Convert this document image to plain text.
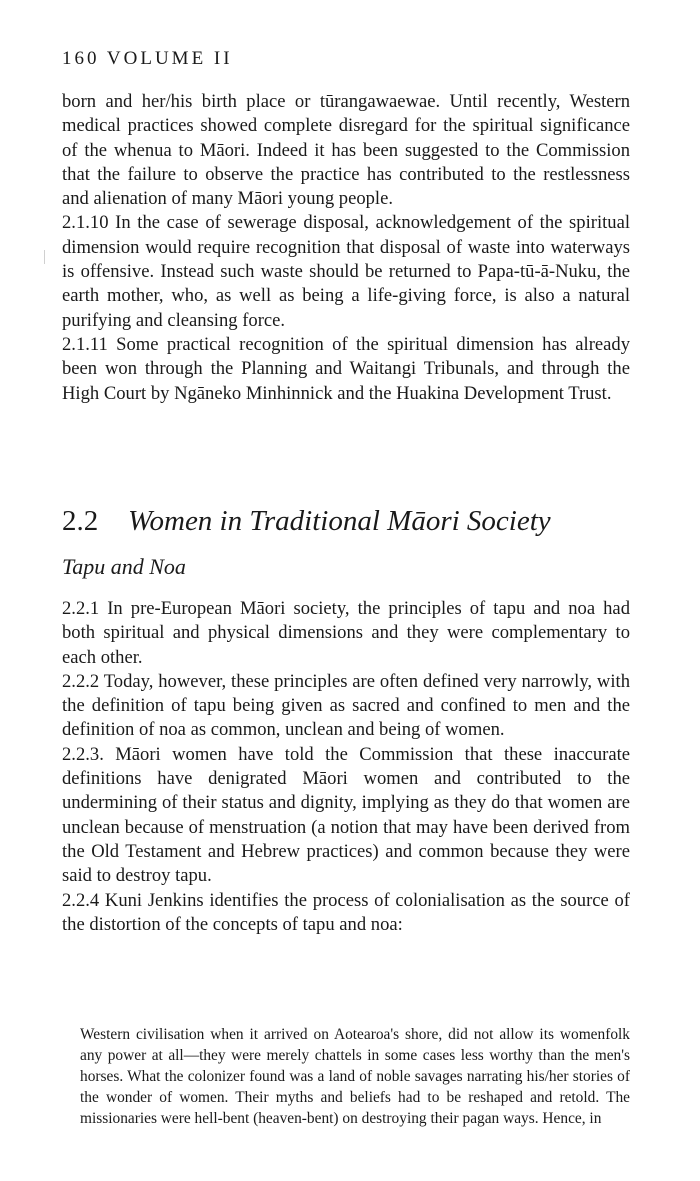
160 VOLUME II

born and her/his birth place or tūrangawaewae. Until recently, Western medical practices showed complete disregard for the spiritual significance of the whenua to Māori. Indeed it has been suggested to the Commission that the failure to observe the practice has contributed to the restlessness and alienation of many Māori young people.

2.1.10 In the case of sewerage disposal, acknowledgement of the spiritual dimension would require recognition that disposal of waste into waterways is offensive. Instead such waste should be returned to Papa-tū-ā-Nuku, the earth mother, who, as well as being a life-giving force, is also a natural purifying and cleansing force.

2.1.11 Some practical recognition of the spiritual dimension has already been won through the Planning and Waitangi Tribunals, and through the High Court by Ngāneko Minhinnick and the Huakina Development Trust.

2.2 Women in Traditional Māori Society
Tapu and Noa

2.2.1 In pre-European Māori society, the principles of tapu and noa had both spiritual and physical dimensions and they were complementary to each other.

2.2.2 Today, however, these principles are often defined very narrowly, with the definition of tapu being given as sacred and confined to men and the definition of noa as common, unclean and being of women.

2.2.3. Māori women have told the Commission that these inaccurate definitions have denigrated Māori women and contributed to the undermining of their status and dignity, implying as they do that women are unclean because of menstruation (a notion that may have been derived from the Old Testament and Hebrew practices) and common because they were said to destroy tapu.

2.2.4 Kuni Jenkins identifies the process of colonialisation as the source of the distortion of the concepts of tapu and noa:

Western civilisation when it arrived on Aotearoa's shore, did not allow its womenfolk any power at all—they were merely chattels in some cases less worthy than the men's horses. What the colonizer found was a land of noble savages narrating his/her stories of the wonder of women. Their myths and beliefs had to be reshaped and retold. The missionaries were hell-bent (heaven-bent) on destroying their pagan ways. Hence, in
